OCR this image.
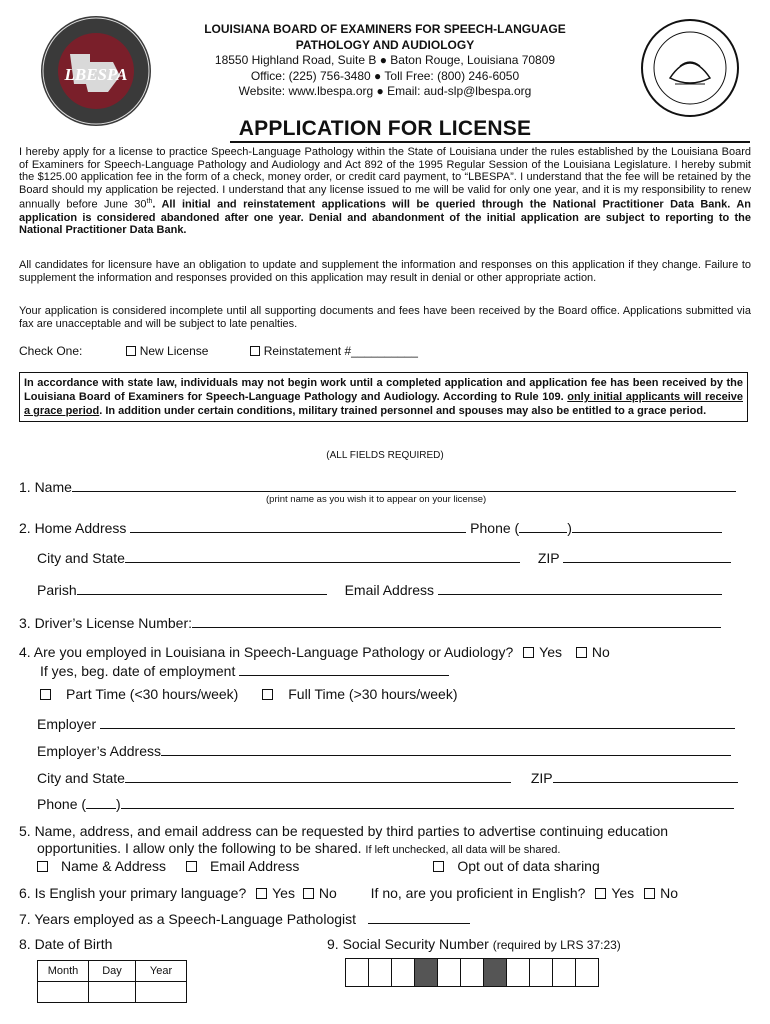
LBESPA
LOUISIANA BOARD OF EXAMINERS FOR SPEECH-LANGUAGE
PATHOLOGY AND AUDIOLOGY
18550 Highland Road, Suite B ● Baton Rouge, Louisiana 70809
Office: (225) 756-3480 ● Toll Free: (800) 246-6050
Website: www.lbespa.org ● Email: aud-slp@lbespa.org
APPLICATION FOR LICENSE
I hereby apply for a license to practice Speech-Language Pathology within the State of Louisiana under the rules established by the Louisiana Board of Examiners for Speech-Language Pathology and Audiology and Act 892 of the 1995 Regular Session of the Louisiana Legislature. I hereby submit the $125.00 application fee in the form of a check, money order, or credit card payment, to “LBESPA”. I understand that the fee will be retained by the Board should my application be rejected. I understand that any license issued to me will be valid for only one year, and it is my responsibility to renew annually before June 30th. All initial and reinstatement applications will be queried through the National Practitioner Data Bank. An application is considered abandoned after one year. Denial and abandonment of the initial application are subject to reporting to the National Practitioner Data Bank.
All candidates for licensure have an obligation to update and supplement the information and responses on this application if they change. Failure to supplement the information and responses provided on this application may result in denial or other appropriate action.
Your application is considered incomplete until all supporting documents and fees have been received by the Board office. Applications submitted via fax are unacceptable and will be subject to late penalties.
Check One:	New License	Reinstatement #__________
In accordance with state law, individuals may not begin work until a completed application and application fee has been received by the Louisiana Board of Examiners for Speech-Language Pathology and Audiology. According to Rule 109. only initial applicants will receive a grace period. In addition under certain conditions, military trained personnel and spouses may also be entitled to a grace period.
(ALL FIELDS REQUIRED)
1. Name
(print name as you wish it to appear on your license)
2. Home Address	Phone (	)
City and State	ZIP
Parish	Email Address
3. Driver’s License Number:
4. Are you employed in Louisiana in Speech-Language Pathology or Audiology? Yes No
If yes, beg. date of employment
Part Time (<30 hours/week)	Full Time (>30 hours/week)
Employer
Employer’s Address
City and State	ZIP
Phone ( )
5. Name, address, and email address can be requested by third parties to advertise continuing education
opportunities. I allow only the following to be shared. If left unchecked, all data will be shared.
Name & Address	Email Address	Opt out of data sharing
6. Is English your primary language? Yes No If no, are you proficient in English? Yes No
7. Years employed as a Speech-Language Pathologist
8. Date of Birth
Month	Day	Year

9. Social Security Number (required by LRS 37:23)
